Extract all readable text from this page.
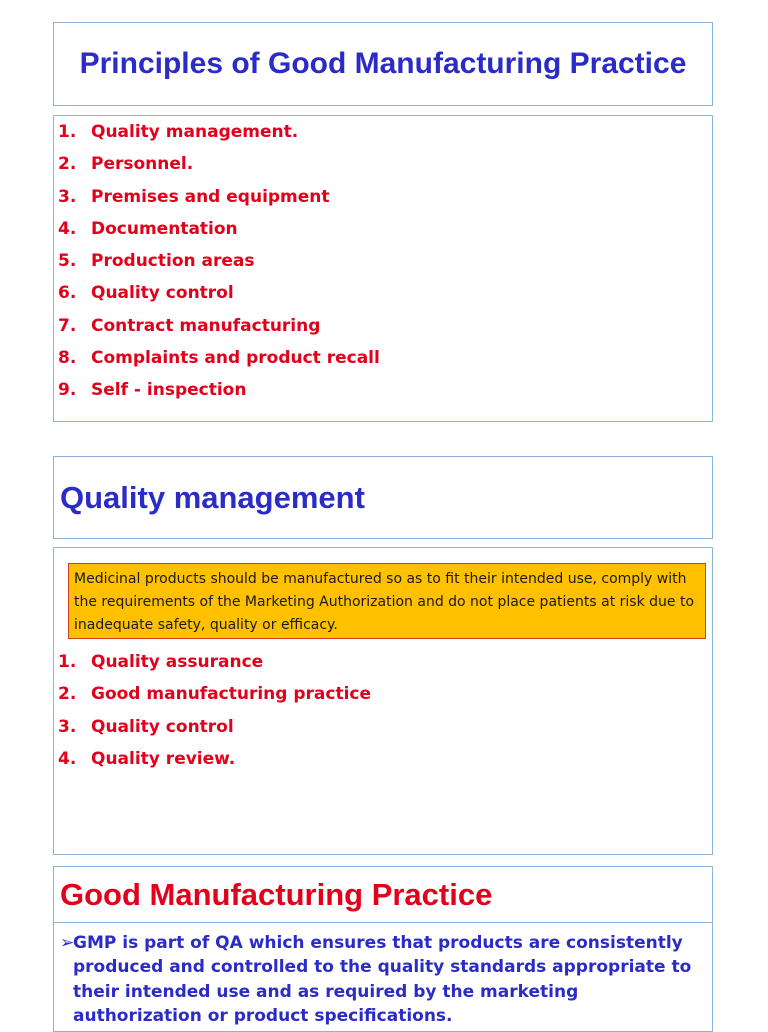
Principles of Good Manufacturing Practice
1. Quality management.
2. Personnel.
3. Premises and equipment
4. Documentation
5. Production areas
6. Quality control
7. Contract manufacturing
8. Complaints and product recall
9. Self - inspection
Quality management
Medicinal products should be manufactured so as to fit their intended use, comply with the requirements of the Marketing Authorization and do not place patients at risk due to inadequate safety, quality or efficacy.
1. Quality assurance
2. Good manufacturing practice
3. Quality control
4. Quality review.
Good Manufacturing Practice
➢GMP is part of QA which ensures that products are consistently produced and controlled to the quality standards appropriate to their intended use and as required by the marketing authorization or product specifications.
